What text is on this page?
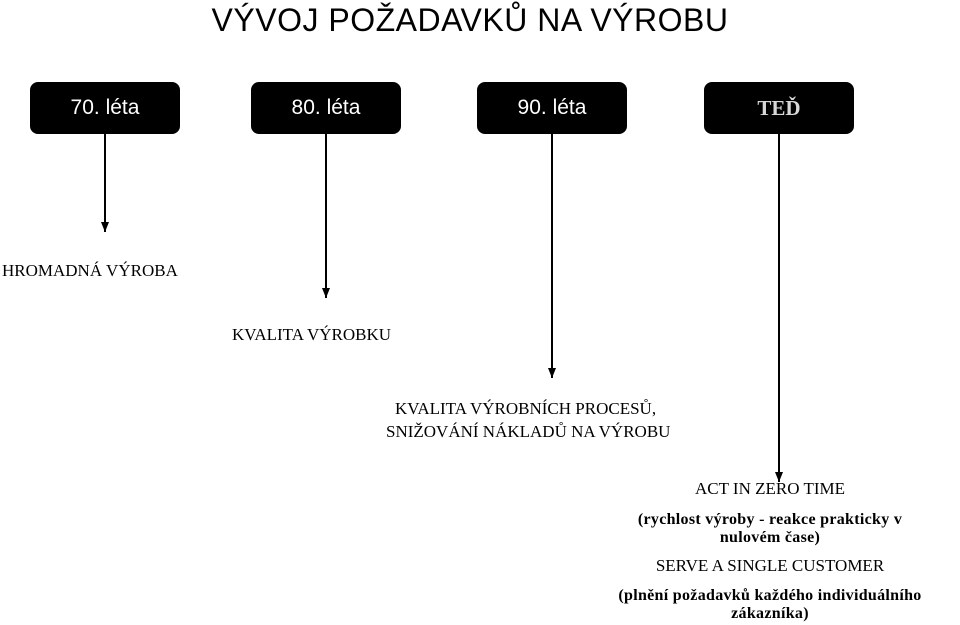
VÝVOJ POŽADAVKŮ NA VÝROBU
70. léta	80. léta	90. léta	TEĎ
HROMADNÁ VÝROBA
KVALITA VÝROBKU
KVALITA VÝROBNÍCH PROCESŮ,
SNIŽOVÁNÍ NÁKLADŮ NA VÝROBU
ACT IN ZERO TIME
(rychlost výroby - reakce prakticky v
nulovém čase)
SERVE A SINGLE CUSTOMER
(plnění požadavků každého individuálního
zákazníka)
